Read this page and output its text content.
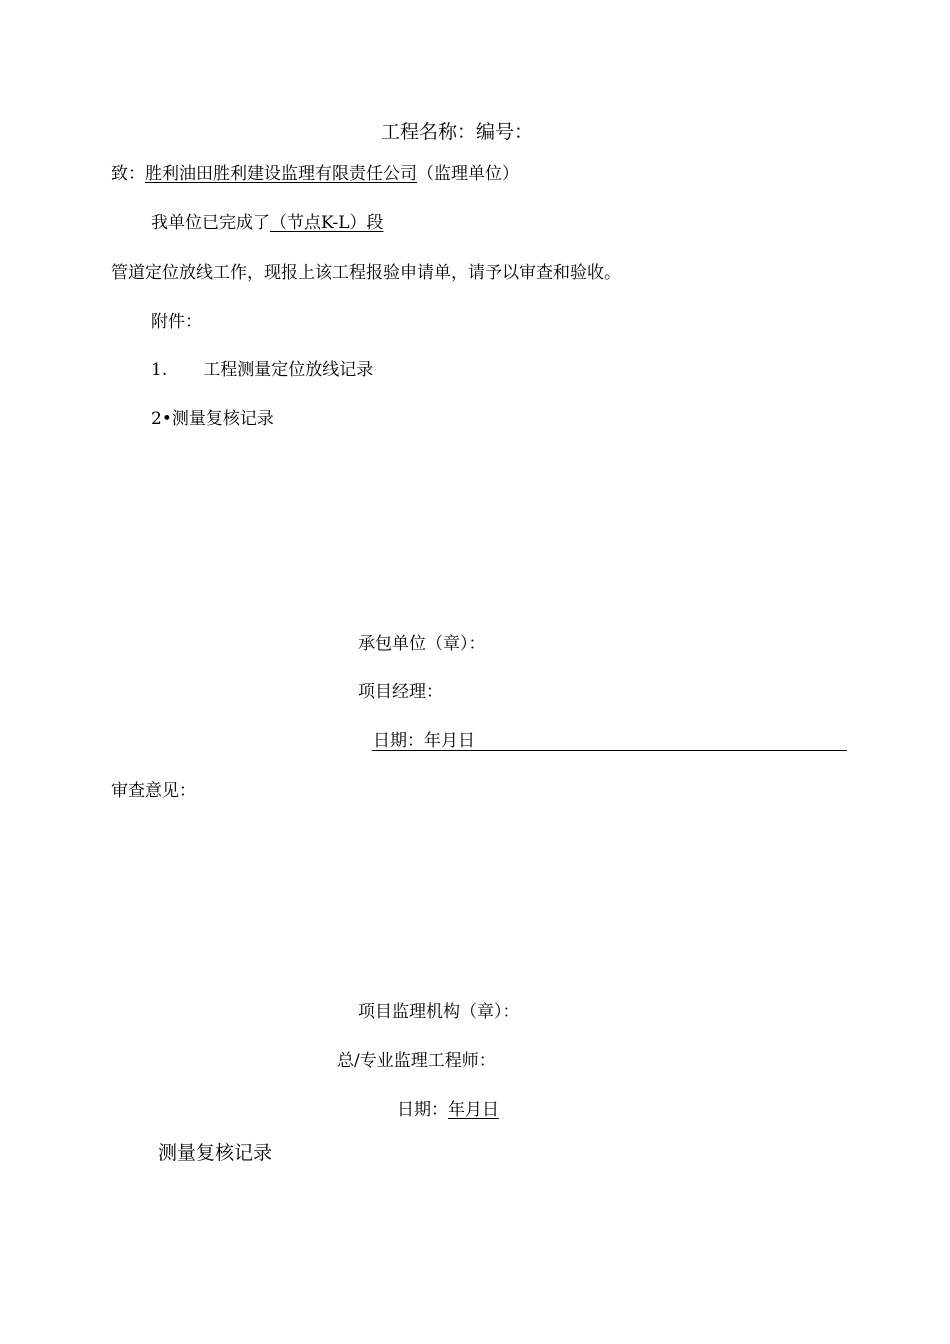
工程名称：编号：
致：胜利油田胜利建设监理有限责任公司（监理单位）
我单位已完成了（节点K-L）段
管道定位放线工作，现报上该工程报验申请单，请予以审查和验收。
附件：
1. 工程测量定位放线记录
2•测量复核记录
承包单位（章）：
项目经理：
日期：年月日
审查意见：
项目监理机构（章）：
总/专业监理工程师：
日期：年月日
测量复核记录
